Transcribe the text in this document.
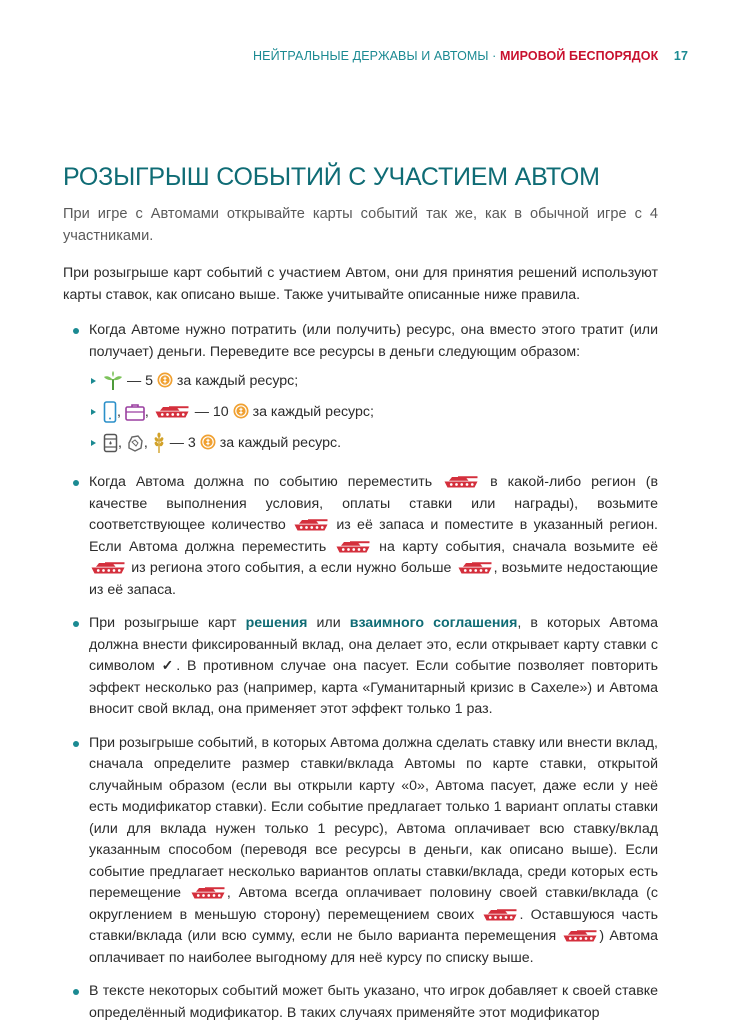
НЕЙТРАЛЬНЫЕ ДЕРЖАВЫ И АВТОМЫ · МИРОВОЙ БЕСПОРЯДОК 17
РОЗЫГРЫШ СОБЫТИЙ С УЧАСТИЕМ АВТОМ

При игре с Автомами открывайте карты событий так же, как в обычной игре с 4 участниками.

При розыгрыше карт событий с участием Автом, они для принятия решений используют карты ставок, как описано выше. Также учитывайте описанные ниже правила.

Когда Автоме нужно потратить (или получить) ресурс, она вместо этого тратит (или получает) деньги. Переведите все ресурсы в деньги следующим образом:
— 5 за каждый ресурс;
, ,	— 10 за каждый ресурс;
, , — 3 за каждый ресурс.
Когда Автома должна по событию переместить	в какой-либо регион (в качестве выполнения условия, оплаты ставки или награды), возьмите соответствующее количество	из её запаса и поместите в указанный регион. Если Автома должна переместить	на карту события, сначала возьмите её  из региона этого события, а если нужно больше	, возьмите недостающие из её запаса.
При розыгрыше карт решения или взаимного соглашения, в которых Автома должна внести фиксированный вклад, она делает это, если открывает карту ставки с символом ✓. В противном случае она пасует. Если событие позволяет повторить эффект несколько раз (например, карта «Гуманитарный кризис в Сахеле») и Автома вносит свой вклад, она применяет этот эффект только 1 раз.
При розыгрыше событий, в которых Автома должна сделать ставку или внести вклад, сначала определите размер ставки/вклада Автомы по карте ставки, открытой случайным образом (если вы открыли карту «0», Автома пасует, даже если у неё есть модификатор ставки). Если событие предлагает только 1 вариант оплаты ставки (или для вклада нужен только 1 ресурс), Автома оплачивает всю ставку/вклад указанным способом (переводя все ресурсы в деньги, как описано выше). Если событие предлагает несколько вариантов оплаты ставки/вклада, среди которых есть перемещение	, Автома всегда оплачивает половину своей ставки/вклада (с округлением в меньшую сторону) перемещением своих	. Оставшуюся часть ставки/вклада (или всю сумму, если не было варианта перемещения	) Автома оплачивает по наиболее выгодному для неё курсу по списку выше.
В тексте некоторых событий может быть указано, что игрок добавляет к своей ставке определённый модификатор. В таких случаях применяйте этот модификатор
